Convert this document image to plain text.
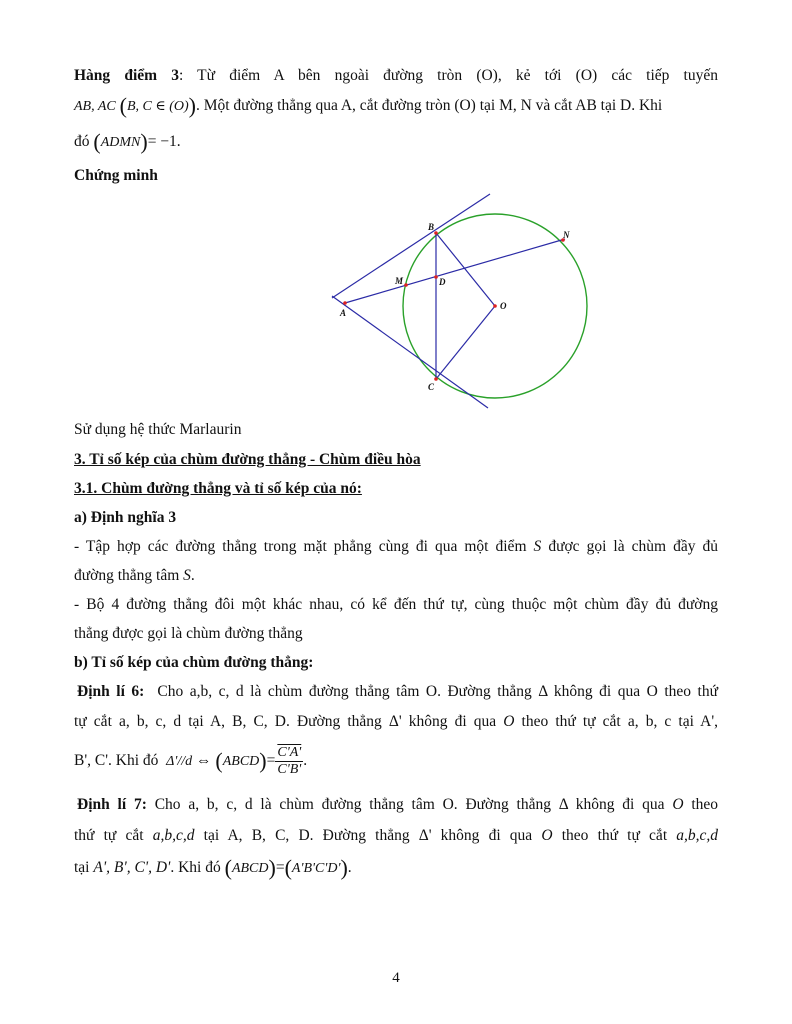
Hàng điểm 3: Từ điểm A bên ngoài đường tròn (O), kẻ tới (O) các tiếp tuyến
AB, AC (B, C ∈ (O)). Một đường thẳng qua A, cắt đường tròn (O) tại M, N và cắt AB tại D. Khi
đó (ADMN)= −1.
Chứng minh
A
B
C
D
M
N
O
Sử dụng hệ thức Marlaurin
3. Tỉ số kép của chùm đường thẳng - Chùm điều hòa
3.1. Chùm đường thẳng và tỉ số kép của nó:
a) Định nghĩa 3
- Tập hợp các đường thẳng trong mặt phẳng cùng đi qua một điểm S được gọi là chùm đầy đủ
đường thẳng tâm S.
- Bộ 4 đường thẳng đôi một khác nhau, có kể đến thứ tự, cùng thuộc một chùm đầy đủ đường
thẳng được gọi là chùm đường thẳng
b) Tỉ số kép của chùm đường thẳng:
Định lí 6: Cho a,b, c, d là chùm đường thẳng tâm O. Đường thẳng Δ không đi qua O theo thứ
tự cắt a, b, c, d tại A, B, C, D. Đường thẳng Δ' không đi qua O theo thứ tự cắt a, b, c tại A',
B', C'. Khi đó Δ'//d ⇔ (ABCD)= $\frac{C'A'}{C'B'}$ .
Định lí 7: Cho a, b, c, d là chùm đường thẳng tâm O. Đường thẳng Δ không đi qua O theo
thứ tự cắt a,b,c,d tại A, B, C, D. Đường thẳng Δ' không đi qua O theo thứ tự cắt a,b,c,d
tại A', B', C', D'. Khi đó (ABCD)=(A'B'C'D').
4
